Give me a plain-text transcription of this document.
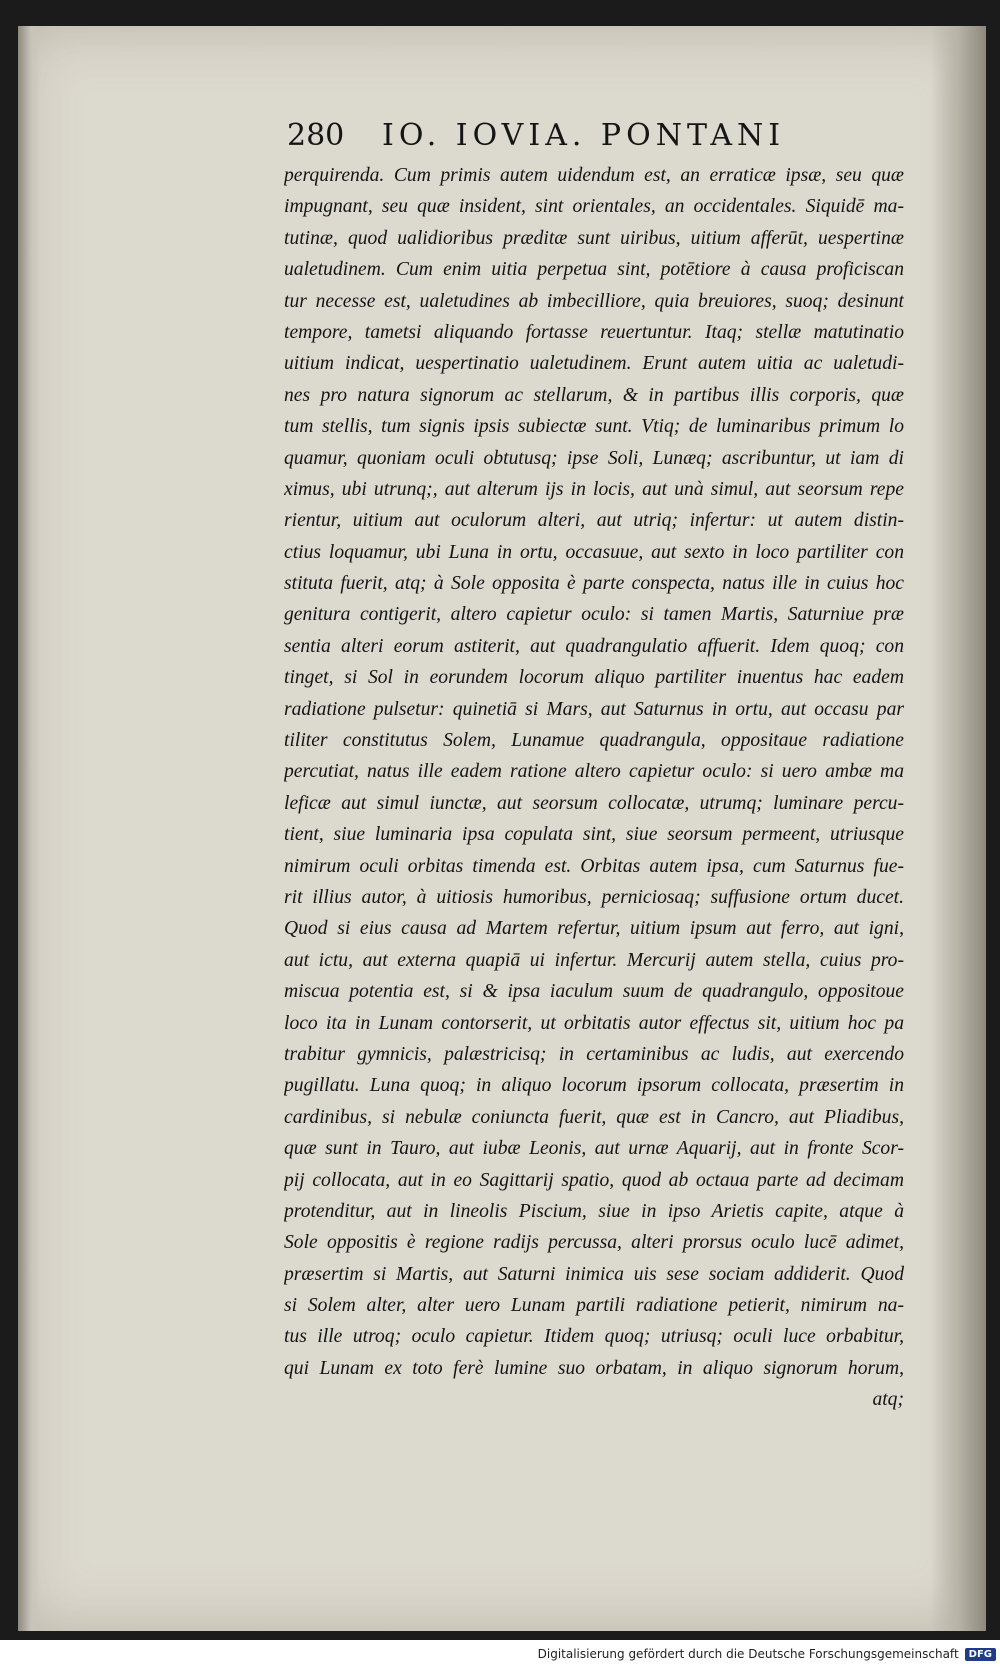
280	IO. IOVIA. PONTANI
perquirenda. Cum primis autem uidendum est, an erraticæ ipsæ, seu quæ
impugnant, seu quæ insident, sint orientales, an occidentales. Siquidē ma-
tutinæ, quod ualidioribus præditæ sunt uiribus, uitium afferūt, uespertinæ
ualetudinem. Cum enim uitia perpetua sint, potētiore à causa proficiscan
tur necesse est, ualetudines ab imbecilliore, quia breuiores, suoq; desinunt
tempore, tametsi aliquando fortasse reuertuntur. Itaq; stellæ matutinatio
uitium indicat, uespertinatio ualetudinem. Erunt autem uitia ac ualetudi-
nes pro natura signorum ac stellarum, & in partibus illis corporis, quæ
tum stellis, tum signis ipsis subiectæ sunt. Vtiq; de luminaribus primum lo
quamur, quoniam oculi obtutusq; ipse Soli, Lunæq; ascribuntur, ut iam di
ximus, ubi utrunq;, aut alterum ijs in locis, aut unà simul, aut seorsum repe
rientur, uitium aut oculorum alteri, aut utriq; infertur: ut autem distin-
ctius loquamur, ubi Luna in ortu, occasuue, aut sexto in loco partiliter con
stituta fuerit, atq; à Sole opposita è parte conspecta, natus ille in cuius hoc
genitura contigerit, altero capietur oculo: si tamen Martis, Saturniue præ
sentia alteri eorum astiterit, aut quadrangulatio affuerit. Idem quoq; con
tinget, si Sol in eorundem locorum aliquo partiliter inuentus hac eadem
radiatione pulsetur: quinetiā si Mars, aut Saturnus in ortu, aut occasu par
tiliter constitutus Solem, Lunamue quadrangula, oppositaue radiatione
percutiat, natus ille eadem ratione altero capietur oculo: si uero ambæ ma
leficæ aut simul iunctæ, aut seorsum collocatæ, utrumq; luminare percu-
tient, siue luminaria ipsa copulata sint, siue seorsum permeent, utriusque
nimirum oculi orbitas timenda est. Orbitas autem ipsa, cum Saturnus fue-
rit illius autor, à uitiosis humoribus, perniciosaq; suffusione ortum ducet.
Quod si eius causa ad Martem refertur, uitium ipsum aut ferro, aut igni,
aut ictu, aut externa quapiā ui infertur. Mercurij autem stella, cuius pro-
miscua potentia est, si & ipsa iaculum suum de quadrangulo, oppositoue
loco ita in Lunam contorserit, ut orbitatis autor effectus sit, uitium hoc pa
trabitur gymnicis, palæstricisq; in certaminibus ac ludis, aut exercendo
pugillatu. Luna quoq; in aliquo locorum ipsorum collocata, præsertim in
cardinibus, si nebulæ coniuncta fuerit, quæ est in Cancro, aut Pliadibus,
quæ sunt in Tauro, aut iubæ Leonis, aut urnæ Aquarij, aut in fronte Scor-
pij collocata, aut in eo Sagittarij spatio, quod ab octaua parte ad decimam
protenditur, aut in lineolis Piscium, siue in ipso Arietis capite, atque à
Sole oppositis è regione radijs percussa, alteri prorsus oculo lucē adimet,
præsertim si Martis, aut Saturni inimica uis sese sociam addiderit. Quod
si Solem alter, alter uero Lunam partili radiatione petierit, nimirum na-
tus ille utroq; oculo capietur. Itidem quoq; utriusq; oculi luce orbabitur,
qui Lunam ex toto ferè lumine suo orbatam, in aliquo signorum horum,
atq;
Digitalisierung gefördert durch die Deutsche Forschungsgemeinschaft	DFG
